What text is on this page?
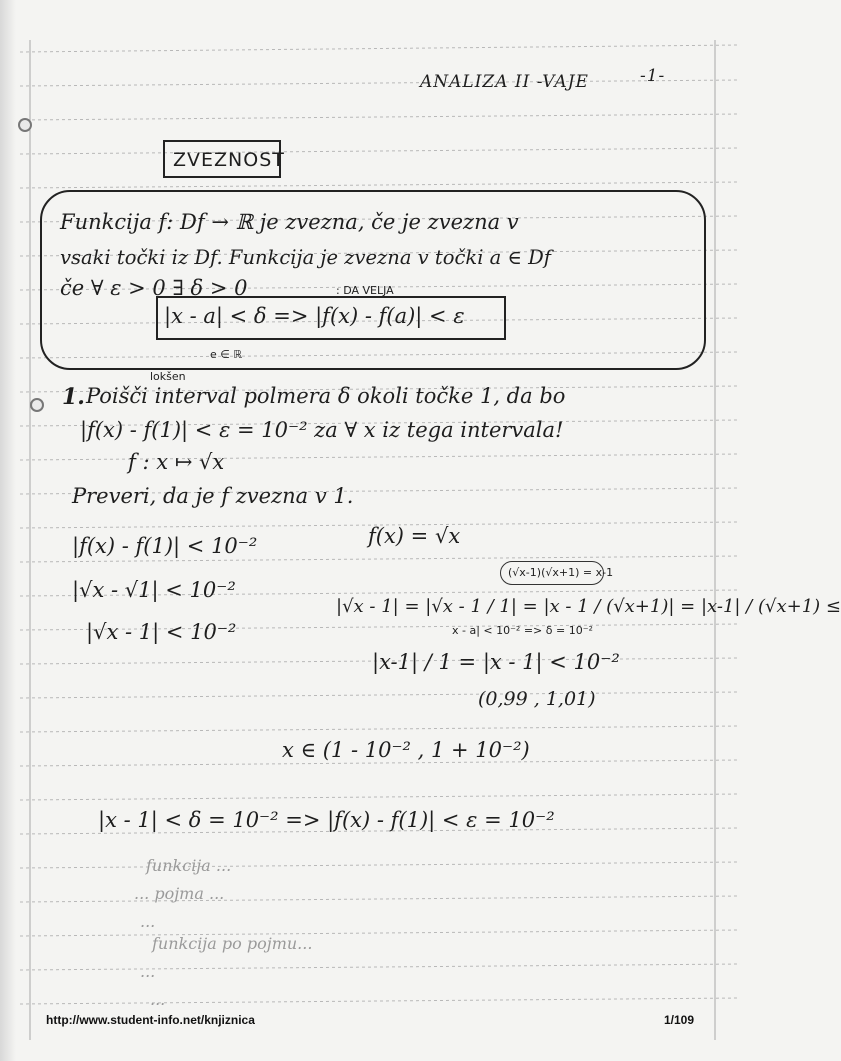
ANALIZA II -VAJE	-1-
ZVEZNOST
Funkcija f: Df → ℝ je zvezna, če je zvezna v
vsaki točki iz Df. Funkcija je zvezna v točki a ∈ Df
če ∀ ε > 0 ∃ δ > 0	: DA VELJA
|x - a| < δ => |f(x) - f(a)| < ε
e ∈ ℝ
lokšen
1. Poišči interval polmera δ okoli točke 1, da bo
|f(x) - f(1)| < ε = 10⁻² za ∀ x iz tega intervala!
f : x ↦ √x
Preveri, da je f zvezna v 1.
|f(x) - f(1)| < 10⁻²
|√x - √1| < 10⁻²
|√x - 1| < 10⁻²
f(x) = √x
(√x-1)(√x+1) = x-1
|√x - 1| = |√x - 1 / 1| = |x - 1 / (√x+1)| = |x-1| / (√x+1) ≤
x - a| < 10⁻² => δ = 10⁻²
|x-1| / 1 = |x - 1| < 10⁻²
(0,99 , 1,01)
x ∈ (1 - 10⁻² , 1 + 10⁻²)
|x - 1| < δ = 10⁻² => |f(x) - f(1)| < ε = 10⁻²
funkcija ...
... pojma ...
...
funkcija po pojmu...
...
...
http://www.student-info.net/knjiznica	1/109
